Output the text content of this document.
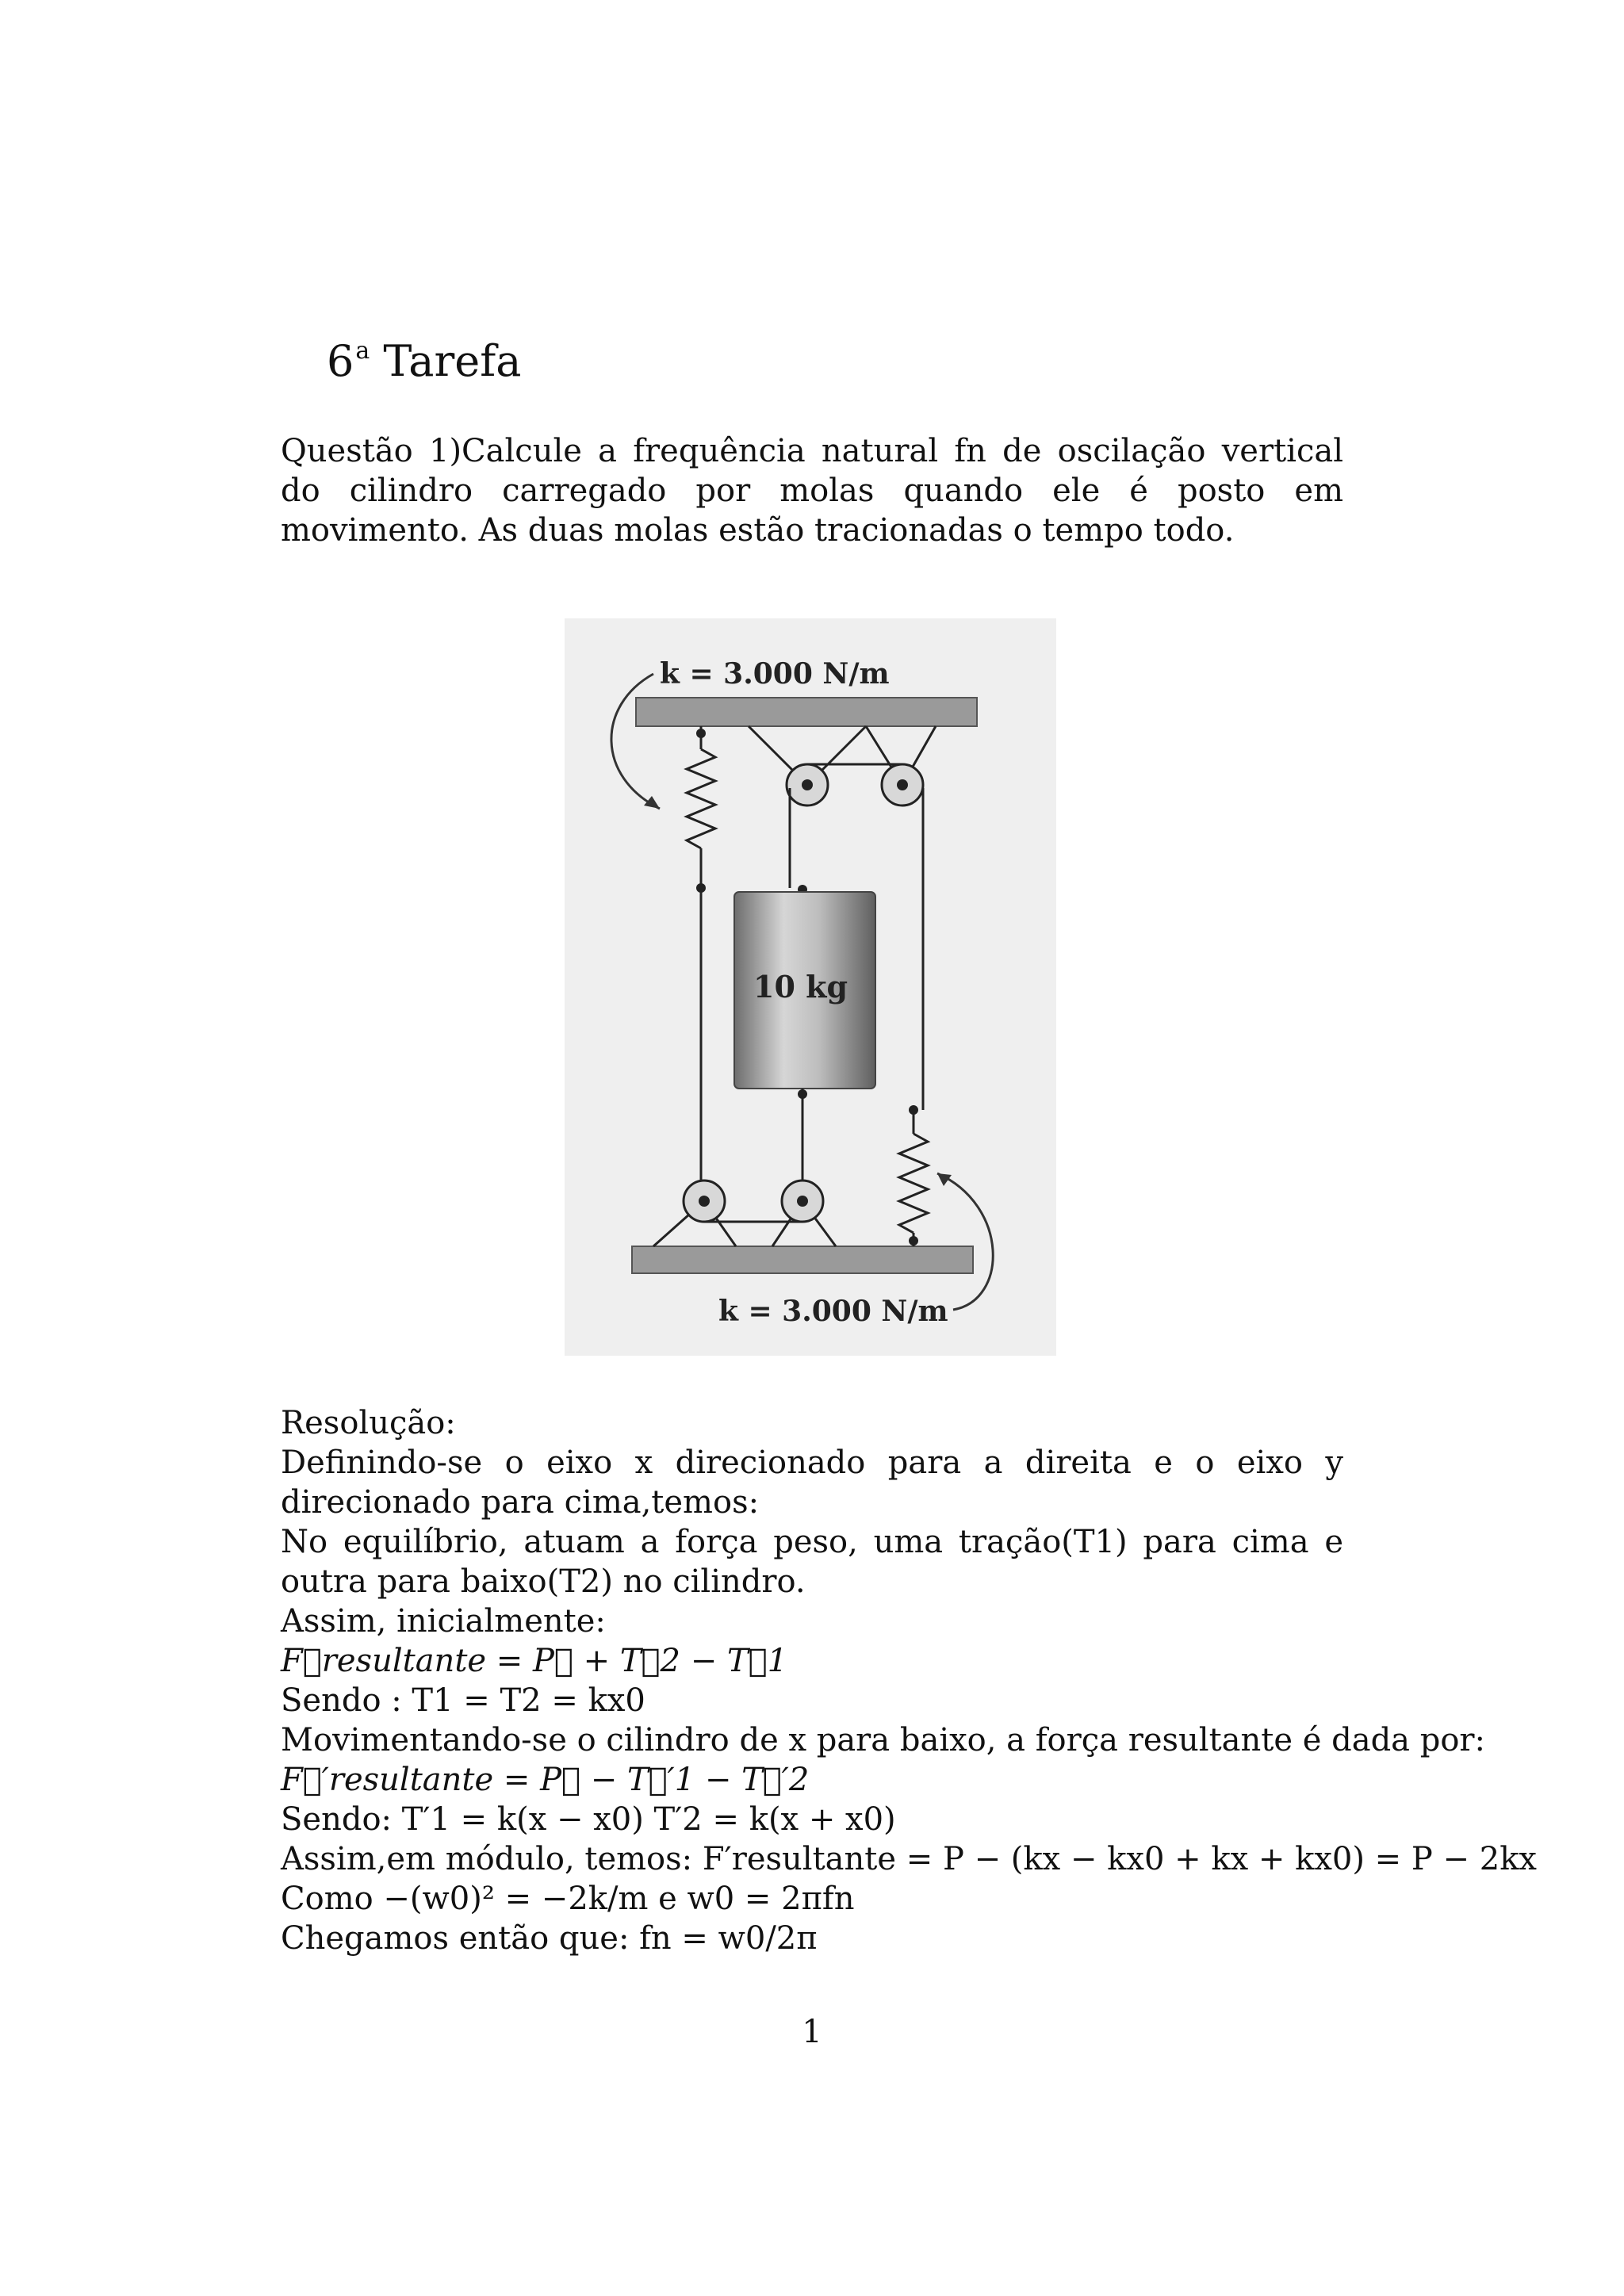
6$^a$ Tarefa
Questão 1)Calcule a frequência natural fn de oscilação vertical do cilindro carregado por molas quando ele é posto em movimento. As duas molas estão tracionadas o tempo todo.
k = 3.000 N/m
10 kg
k = 3.000 N/m
Resolução:
Definindo-se o eixo x direcionado para a direita e o eixo y direcionado para cima,temos:
No equilíbrio, atuam a força peso, uma tração(T1) para cima e outra para baixo(T2) no cilindro.
Assim, inicialmente:
F⃗resultante = P⃗ + T⃗2 − T⃗1
Sendo : T1 = T2 = kx0
Movimentando-se o cilindro de x para baixo, a força resultante é dada por:
F⃗′resultante = P⃗ − T⃗′1 − T⃗′2
Sendo: T′1 = k(x − x0) T′2 = k(x + x0)
Assim,em módulo, temos: F′resultante = P − (kx − kx0 + kx + kx0) = P − 2kx
Como −(w0)² = −2k/m e w0 = 2πfn
Chegamos então que: fn = w0/2π
1
